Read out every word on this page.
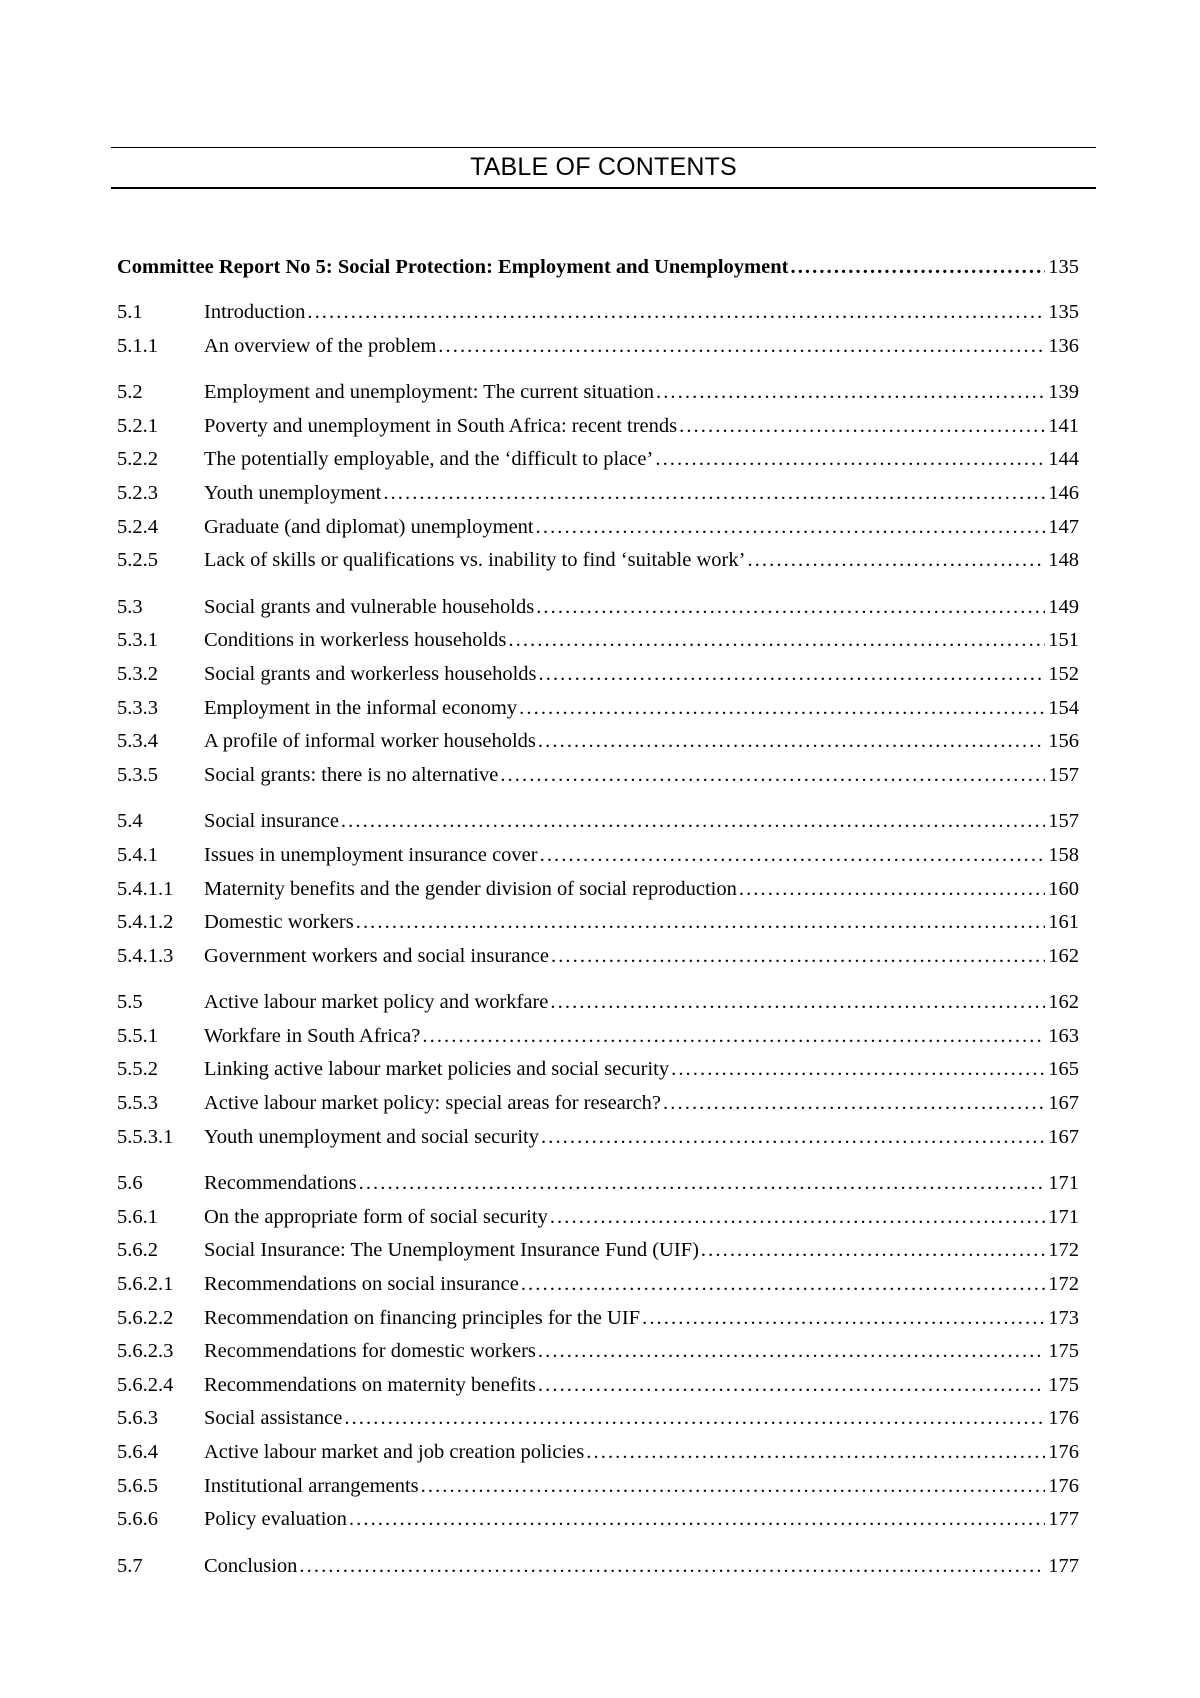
TABLE OF CONTENTS
Committee Report No 5: Social Protection: Employment and Unemployment .....	135
5.1	Introduction .....	135
5.1.1	An overview of the problem .....	136
5.2	Employment and unemployment: The current situation .....	139
5.2.1	Poverty and unemployment in South Africa: recent trends .....	141
5.2.2	The potentially employable, and the ‘difficult to place’ .....	144
5.2.3	Youth unemployment .....	146
5.2.4	Graduate (and diplomat) unemployment .....	147
5.2.5	Lack of skills or qualifications vs. inability to find ‘suitable work’ .....	148
5.3	Social grants and vulnerable households .....	149
5.3.1	Conditions in workerless households .....	151
5.3.2	Social grants and workerless households .....	152
5.3.3	Employment in the informal economy .....	154
5.3.4	A profile of informal worker households .....	156
5.3.5	Social grants: there is no alternative .....	157
5.4	Social insurance .....	157
5.4.1	Issues in unemployment insurance cover .....	158
5.4.1.1	Maternity benefits and the gender division of social reproduction .....	160
5.4.1.2	Domestic workers .....	161
5.4.1.3	Government workers and social insurance .....	162
5.5	Active labour market policy and workfare .....	162
5.5.1	Workfare in South Africa? .....	163
5.5.2	Linking active labour market policies and social security .....	165
5.5.3	Active labour market policy: special areas for research? .....	167
5.5.3.1	Youth unemployment and social security .....	167
5.6	Recommendations .....	171
5.6.1	On the appropriate form of social security .....	171
5.6.2	Social Insurance: The Unemployment Insurance Fund (UIF) .....	172
5.6.2.1	Recommendations on social insurance .....	172
5.6.2.2	Recommendation on financing principles for the UIF .....	173
5.6.2.3	Recommendations for domestic workers .....	175
5.6.2.4	Recommendations on maternity benefits .....	175
5.6.3	Social assistance .....	176
5.6.4	Active labour market and job creation policies .....	176
5.6.5	Institutional arrangements .....	176
5.6.6	Policy evaluation .....	177
5.7	Conclusion .....	177
